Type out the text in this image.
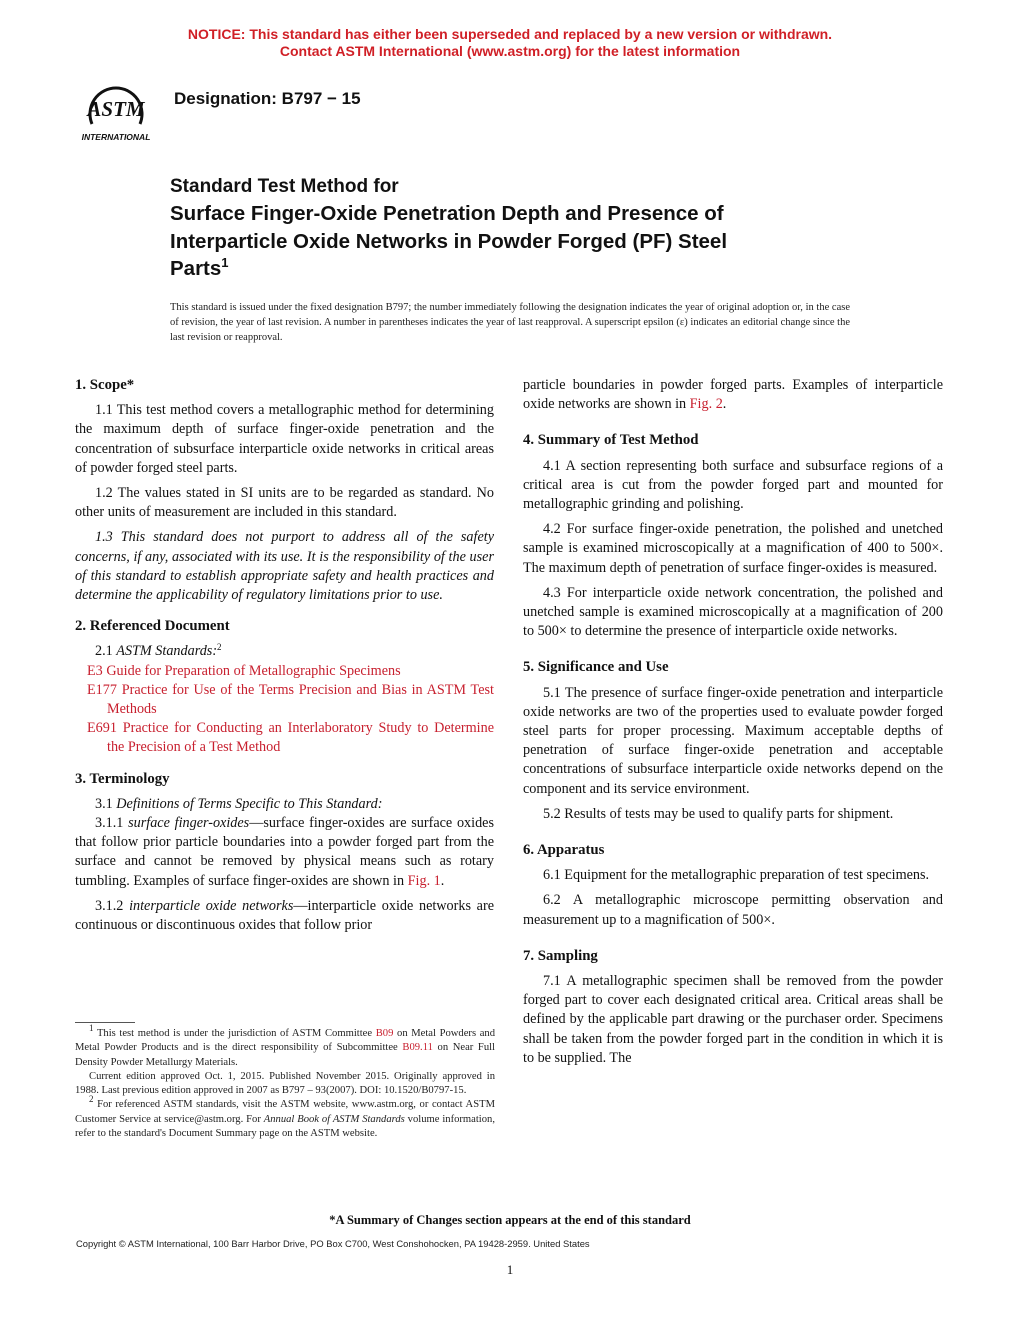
NOTICE: This standard has either been superseded and replaced by a new version or withdrawn.
Contact ASTM International (www.astm.org) for the latest information
ASTM
INTERNATIONAL
Designation: B797 − 15
Standard Test Method for
Surface Finger-Oxide Penetration Depth and Presence of
Interparticle Oxide Networks in Powder Forged (PF) Steel
Parts$^1$
This standard is issued under the fixed designation B797; the number immediately following the designation indicates the year of original adoption or, in the case of revision, the year of last revision. A number in parentheses indicates the year of last reapproval. A superscript epsilon (ε) indicates an editorial change since the last revision or reapproval.

1. Scope*

1.1 This test method covers a metallographic method for determining the maximum depth of surface finger-oxide penetration and the concentration of subsurface interparticle oxide networks in critical areas of powder forged steel parts.

1.2 The values stated in SI units are to be regarded as standard. No other units of measurement are included in this standard.

1.3 This standard does not purport to address all of the safety concerns, if any, associated with its use. It is the responsibility of the user of this standard to establish appropriate safety and health practices and determine the applicability of regulatory limitations prior to use.

2. Referenced Document

2.1 ASTM Standards:$^2$

E3 Guide for Preparation of Metallographic Specimens

E177 Practice for Use of the Terms Precision and Bias in ASTM Test Methods

E691 Practice for Conducting an Interlaboratory Study to Determine the Precision of a Test Method

3. Terminology

3.1 Definitions of Terms Specific to This Standard:

3.1.1 surface finger-oxides—surface finger-oxides are surface oxides that follow prior particle boundaries into a powder forged part from the surface and cannot be removed by physical means such as rotary tumbling. Examples of surface finger-oxides are shown in Fig. 1.

3.1.2 interparticle oxide networks—interparticle oxide networks are continuous or discontinuous oxides that follow prior

particle boundaries in powder forged parts. Examples of interparticle oxide networks are shown in Fig. 2.

4. Summary of Test Method

4.1 A section representing both surface and subsurface regions of a critical area is cut from the powder forged part and mounted for metallographic grinding and polishing.

4.2 For surface finger-oxide penetration, the polished and unetched sample is examined microscopically at a magnification of 400 to 500×. The maximum depth of penetration of surface finger-oxides is measured.

4.3 For interparticle oxide network concentration, the polished and unetched sample is examined microscopically at a magnification of 200 to 500× to determine the presence of interparticle oxide networks.

5. Significance and Use

5.1 The presence of surface finger-oxide penetration and interparticle oxide networks are two of the properties used to evaluate powder forged steel parts for proper processing. Maximum acceptable depths of penetration of surface finger-oxide penetration and acceptable concentrations of subsurface interparticle oxide networks depend on the component and its service environment.

5.2 Results of tests may be used to qualify parts for shipment.

6. Apparatus

6.1 Equipment for the metallographic preparation of test specimens.

6.2 A metallographic microscope permitting observation and measurement up to a magnification of 500×.

7. Sampling

7.1 A metallographic specimen shall be removed from the powder forged part to cover each designated critical area. Critical areas shall be defined by the applicable part drawing or the purchaser order. Specimens shall be taken from the powder forged part in the condition in which it is to be supplied. The

$^1$ This test method is under the jurisdiction of ASTM Committee B09 on Metal Powders and Metal Powder Products and is the direct responsibility of Subcommittee B09.11 on Near Full Density Powder Metallurgy Materials.

Current edition approved Oct. 1, 2015. Published November 2015. Originally approved in 1988. Last previous edition approved in 2007 as B797 – 93(2007). DOI: 10.1520/B0797-15.

$^2$ For referenced ASTM standards, visit the ASTM website, www.astm.org, or contact ASTM Customer Service at service@astm.org. For Annual Book of ASTM Standards volume information, refer to the standard's Document Summary page on the ASTM website.

*A Summary of Changes section appears at the end of this standard
Copyright © ASTM International, 100 Barr Harbor Drive, PO Box C700, West Conshohocken, PA 19428-2959. United States
1
